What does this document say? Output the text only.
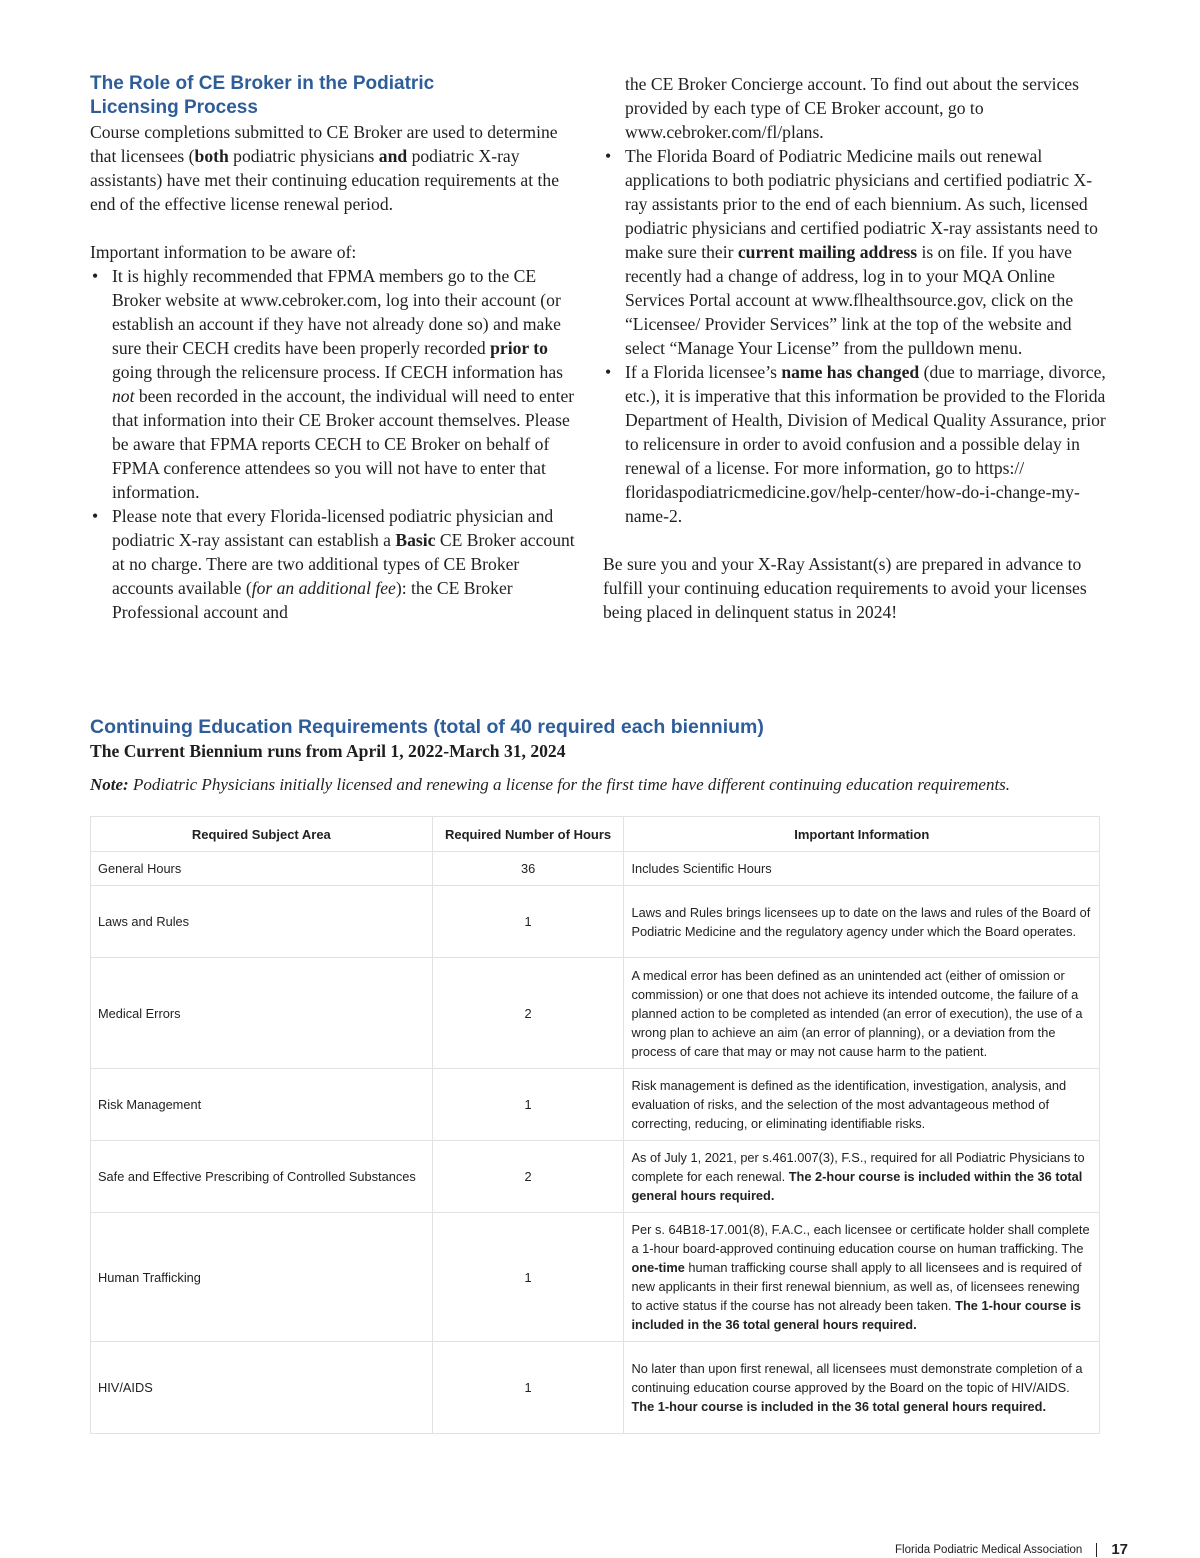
The Role of CE Broker in the Podiatric
Licensing Process

Course completions submitted to CE Broker are used to determine that licensees (both podiatric physicians and podiatric X-ray assistants) have met their continuing education requirements at the end of the effective license renewal period.

Important information to be aware of:

• It is highly recommended that FPMA members go to the CE Broker website at www.cebroker.com, log into their account (or establish an account if they have not already done so) and make sure their CECH credits have been properly recorded prior to going through the relicensure process. If CECH information has not been recorded in the account, the individual will need to enter that information into their CE Broker account themselves. Please be aware that FPMA reports CECH to CE Broker on behalf of FPMA conference attendees so you will not have to enter that information.
• Please note that every Florida-licensed podiatric physician and podiatric X-ray assistant can establish a Basic CE Broker account at no charge. There are two additional types of CE Broker accounts available (for an additional fee): the CE Broker Professional account and

the CE Broker Concierge account. To find out about the services provided by each type of CE Broker account, go to www.cebroker.com/fl/plans.

• The Florida Board of Podiatric Medicine mails out renewal applications to both podiatric physicians and certified podiatric X-ray assistants prior to the end of each biennium. As such, licensed podiatric physicians and certified podiatric X-ray assistants need to make sure their current mailing address is on file. If you have recently had a change of address, log in to your MQA Online Services Portal account at www.flhealthsource.gov, click on the “Licensee/ Provider Services” link at the top of the website and select “Manage Your License” from the pulldown menu.
• If a Florida licensee’s name has changed (due to marriage, divorce, etc.), it is imperative that this information be provided to the Florida Department of Health, Division of Medical Quality Assurance, prior to relicensure in order to avoid confusion and a possible delay in renewal of a license. For more information, go to https:// floridaspodiatricmedicine.gov/help-center/how-do-i-change-my-name-2.

Be sure you and your X-Ray Assistant(s) are prepared in advance to fulfill your continuing education requirements to avoid your licenses being placed in delinquent status in 2024!

Continuing Education Requirements (total of 40 required each biennium)

The Current Biennium runs from April 1, 2022-March 31, 2024

Note: Podiatric Physicians initially licensed and renewing a license for the first time have different continuing education requirements.

Required Subject Area	Required Number of Hours	Important Information
General Hours	36	Includes Scientific Hours
Laws and Rules	1	Laws and Rules brings licensees up to date on the laws and rules of the Board of Podiatric Medicine and the regulatory agency under which the Board operates.
Medical Errors	2	A medical error has been defined as an unintended act (either of omission or commission) or one that does not achieve its intended outcome, the failure of a planned action to be completed as intended (an error of execution), the use of a wrong plan to achieve an aim (an error of planning), or a deviation from the process of care that may or may not cause harm to the patient.
Risk Management	1	Risk management is defined as the identification, investigation, analysis, and evaluation of risks, and the selection of the most advantageous method of correcting, reducing, or eliminating identifiable risks.
Safe and Effective Prescribing of Controlled Substances	2	As of July 1, 2021, per s.461.007(3), F.S., required for all Podiatric Physicians to complete for each renewal. The 2-hour course is included within the 36 total general hours required.
Human Trafficking	1	Per s. 64B18-17.001(8), F.A.C., each licensee or certificate holder shall complete a 1-hour board-approved continuing education course on human trafficking. The one-time human trafficking course shall apply to all licensees and is required of new applicants in their first renewal biennium, as well as, of licensees renewing to active status if the course has not already been taken. The 1-hour course is included in the 36 total general hours required.
HIV/AIDS	1	No later than upon first renewal, all licensees must demonstrate completion of a continuing education course approved by the Board on the topic of HIV/AIDS. The 1-hour course is included in the 36 total general hours required.
Florida Podiatric Medical Association 17
